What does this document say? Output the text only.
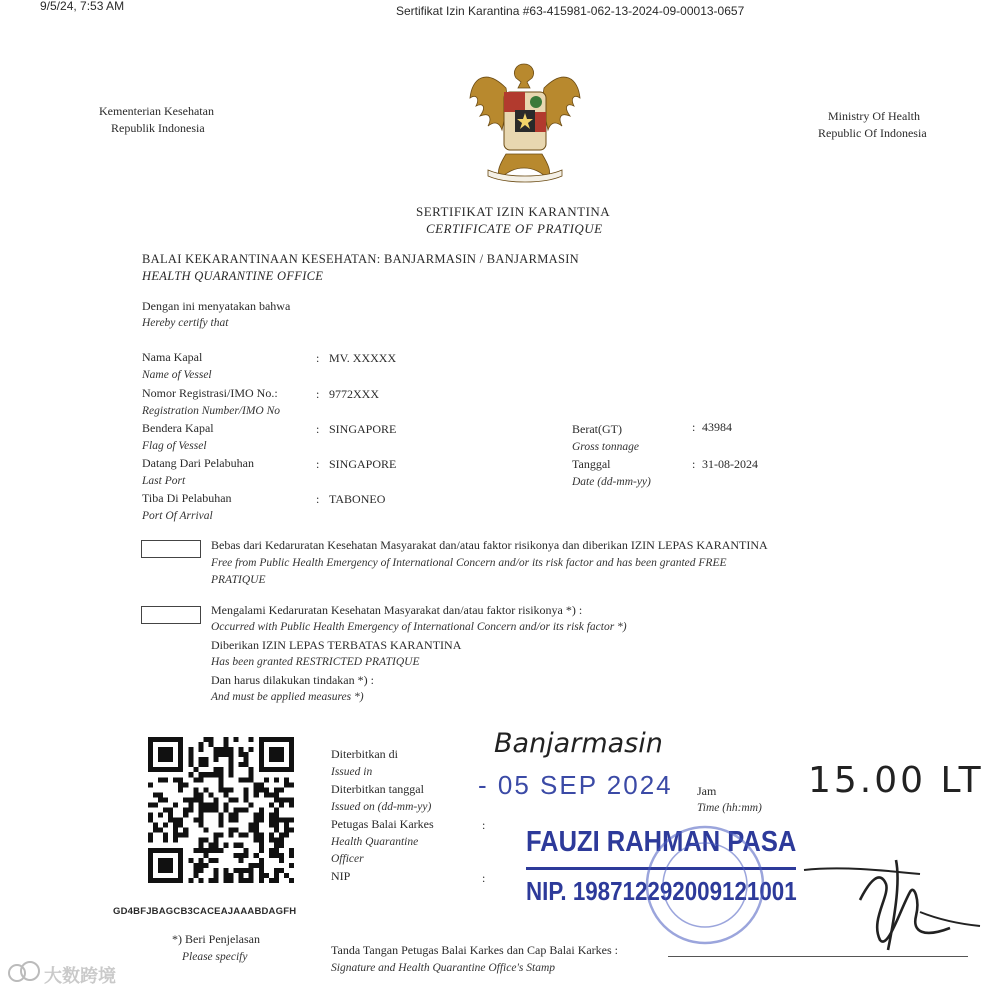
9/5/24, 7:53 AM	Sertifikat Izin Karantina #63-415981-062-13-2024-09-00013-0657
Kementerian Kesehatan
Republik Indonesia
Ministry Of Health
Republic Of Indonesia
SERTIFIKAT IZIN KARANTINA
CERTIFICATE OF PRATIQUE
BALAI KEKARANTINAAN KESEHATAN: BANJARMASIN / BANJARMASIN
HEALTH QUARANTINE OFFICE
Dengan ini menyatakan bahwa
Hereby certify that
Nama Kapal
Name of Vessel
: MV. XXXXX
Nomor Registrasi/IMO No.:
Registration Number/IMO No
: 9772XXX
Bendera Kapal
Flag of Vessel
: SINGAPORE
Datang Dari Pelabuhan
Last Port
: SINGAPORE
Tiba Di Pelabuhan
Port Of Arrival
: TABONEO
Berat(GT)
Gross tonnage
: 43984
Tanggal
Date (dd-mm-yy)
: 31-08-2024
Bebas dari Kedaruratan Kesehatan Masyarakat dan/atau faktor risikonya dan diberikan IZIN LEPAS KARANTINA
Free from Public Health Emergency of International Concern and/or its risk factor and has been granted FREE
PRATIQUE
Mengalami Kedaruratan Kesehatan Masyarakat dan/atau faktor risikonya *) :
Occurred with Public Health Emergency of International Concern and/or its risk factor *)
Diberikan IZIN LEPAS TERBATAS KARANTINA
Has been granted RESTRICTED PRATIQUE
Dan harus dilakukan tindakan *) :
And must be applied measures *)
GD4BFJBAGCB3CACEAJAAABDAGFH
*) Beri Penjelasan
Please specify
Diterbitkan di
Issued in
Diterbitkan tanggal
Issued on (dd-mm-yy)
Petugas Balai Karkes
Health Quarantine
Officer
NIP
:
:
Jam
Time (hh:mm)
Banjarmasin
15.00 LT
- 05 SEP 2024
FAUZI RAHMAN PASA
NIP. 198712292009121001
Tanda Tangan Petugas Balai Karkes dan Cap Balai Karkes :
Signature and Health Quarantine Office's Stamp
大数跨境
